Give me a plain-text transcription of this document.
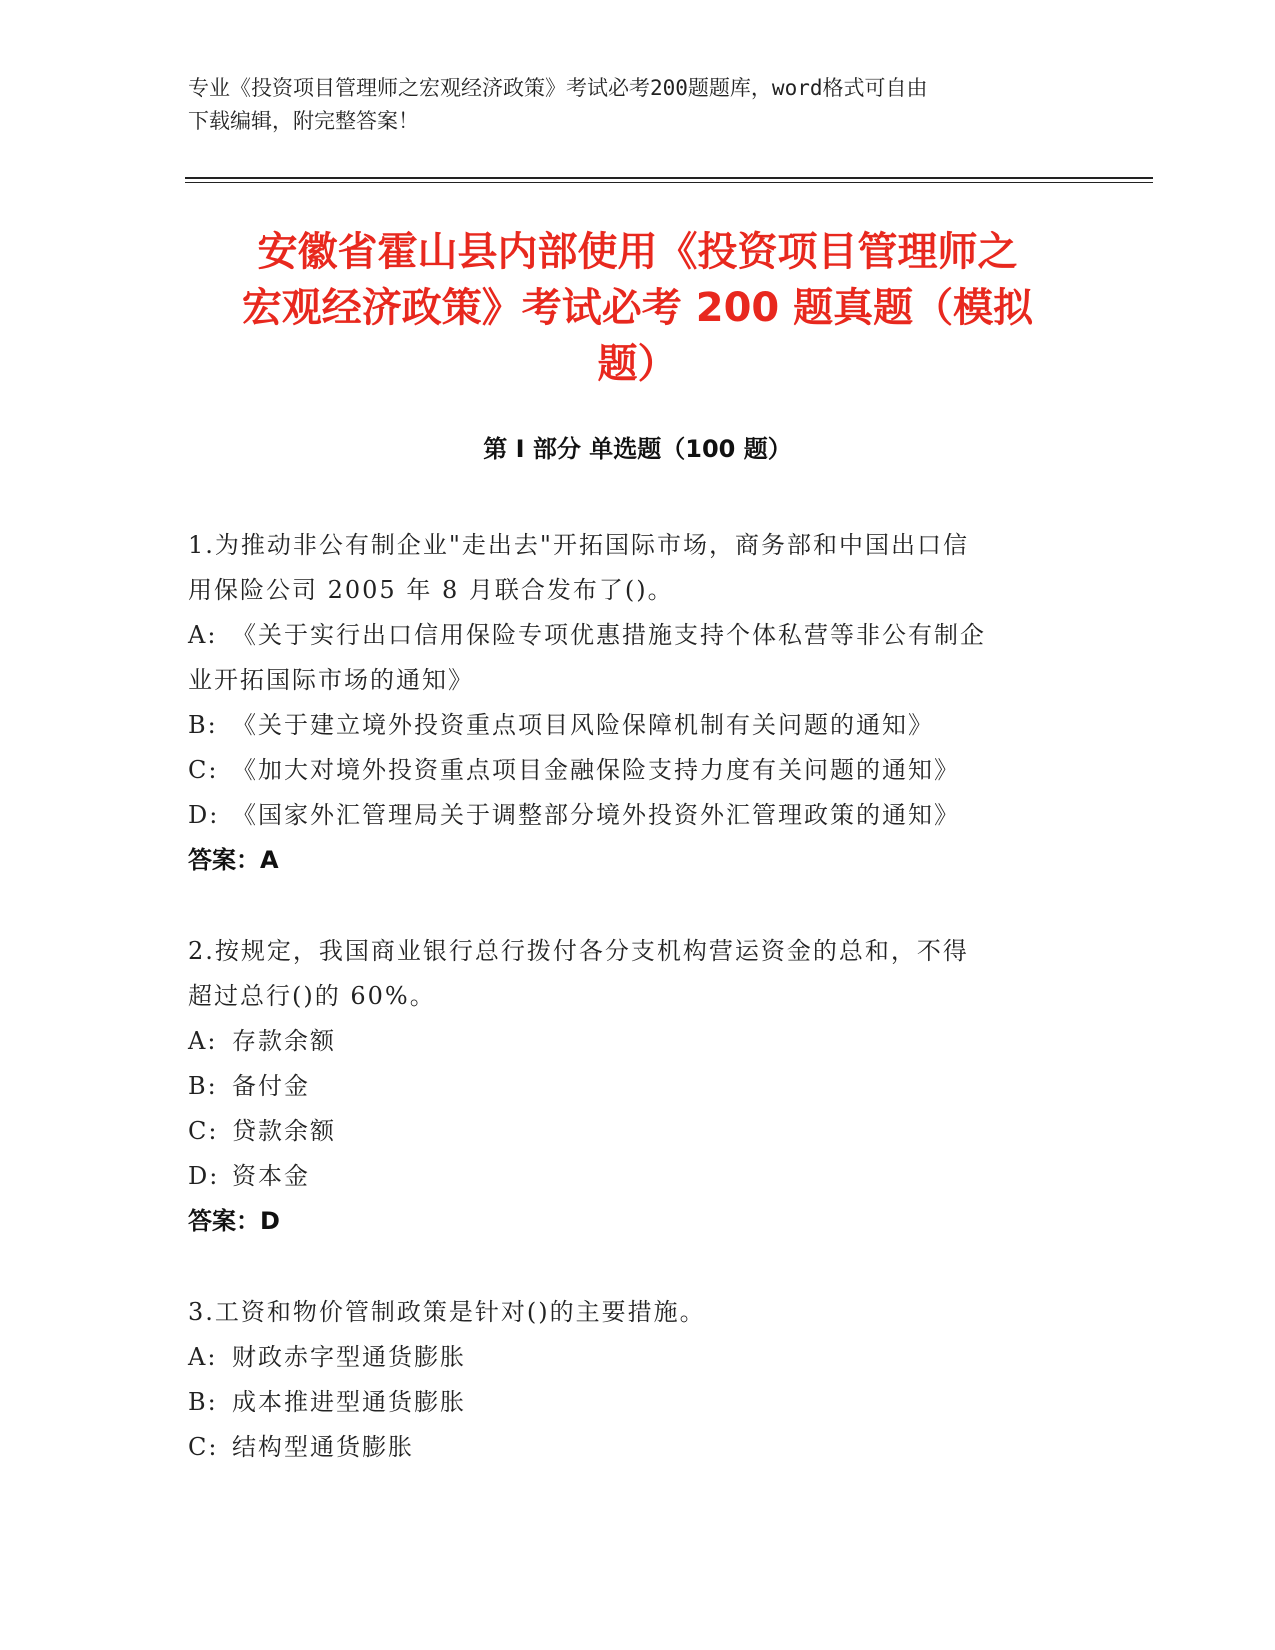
专业《投资项目管理师之宏观经济政策》考试必考200题题库，word格式可自由
下载编辑，附完整答案！
安徽省霍山县内部使用《投资项目管理师之
宏观经济政策》考试必考 200 题真题（模拟
题）
第 I 部分 单选题（100 题）

1.为推动非公有制企业"走出去"开拓国际市场，商务部和中国出口信

用保险公司 2005 年 8 月联合发布了()。

A: 《关于实行出口信用保险专项优惠措施支持个体私营等非公有制企

业开拓国际市场的通知》

B: 《关于建立境外投资重点项目风险保障机制有关问题的通知》

C: 《加大对境外投资重点项目金融保险支持力度有关问题的通知》

D: 《国家外汇管理局关于调整部分境外投资外汇管理政策的通知》

答案：A

2.按规定，我国商业银行总行拨付各分支机构营运资金的总和，不得

超过总行()的 60%。

A: 存款余额

B: 备付金

C: 贷款余额

D: 资本金

答案：D

3.工资和物价管制政策是针对()的主要措施。

A: 财政赤字型通货膨胀

B: 成本推进型通货膨胀

C: 结构型通货膨胀
